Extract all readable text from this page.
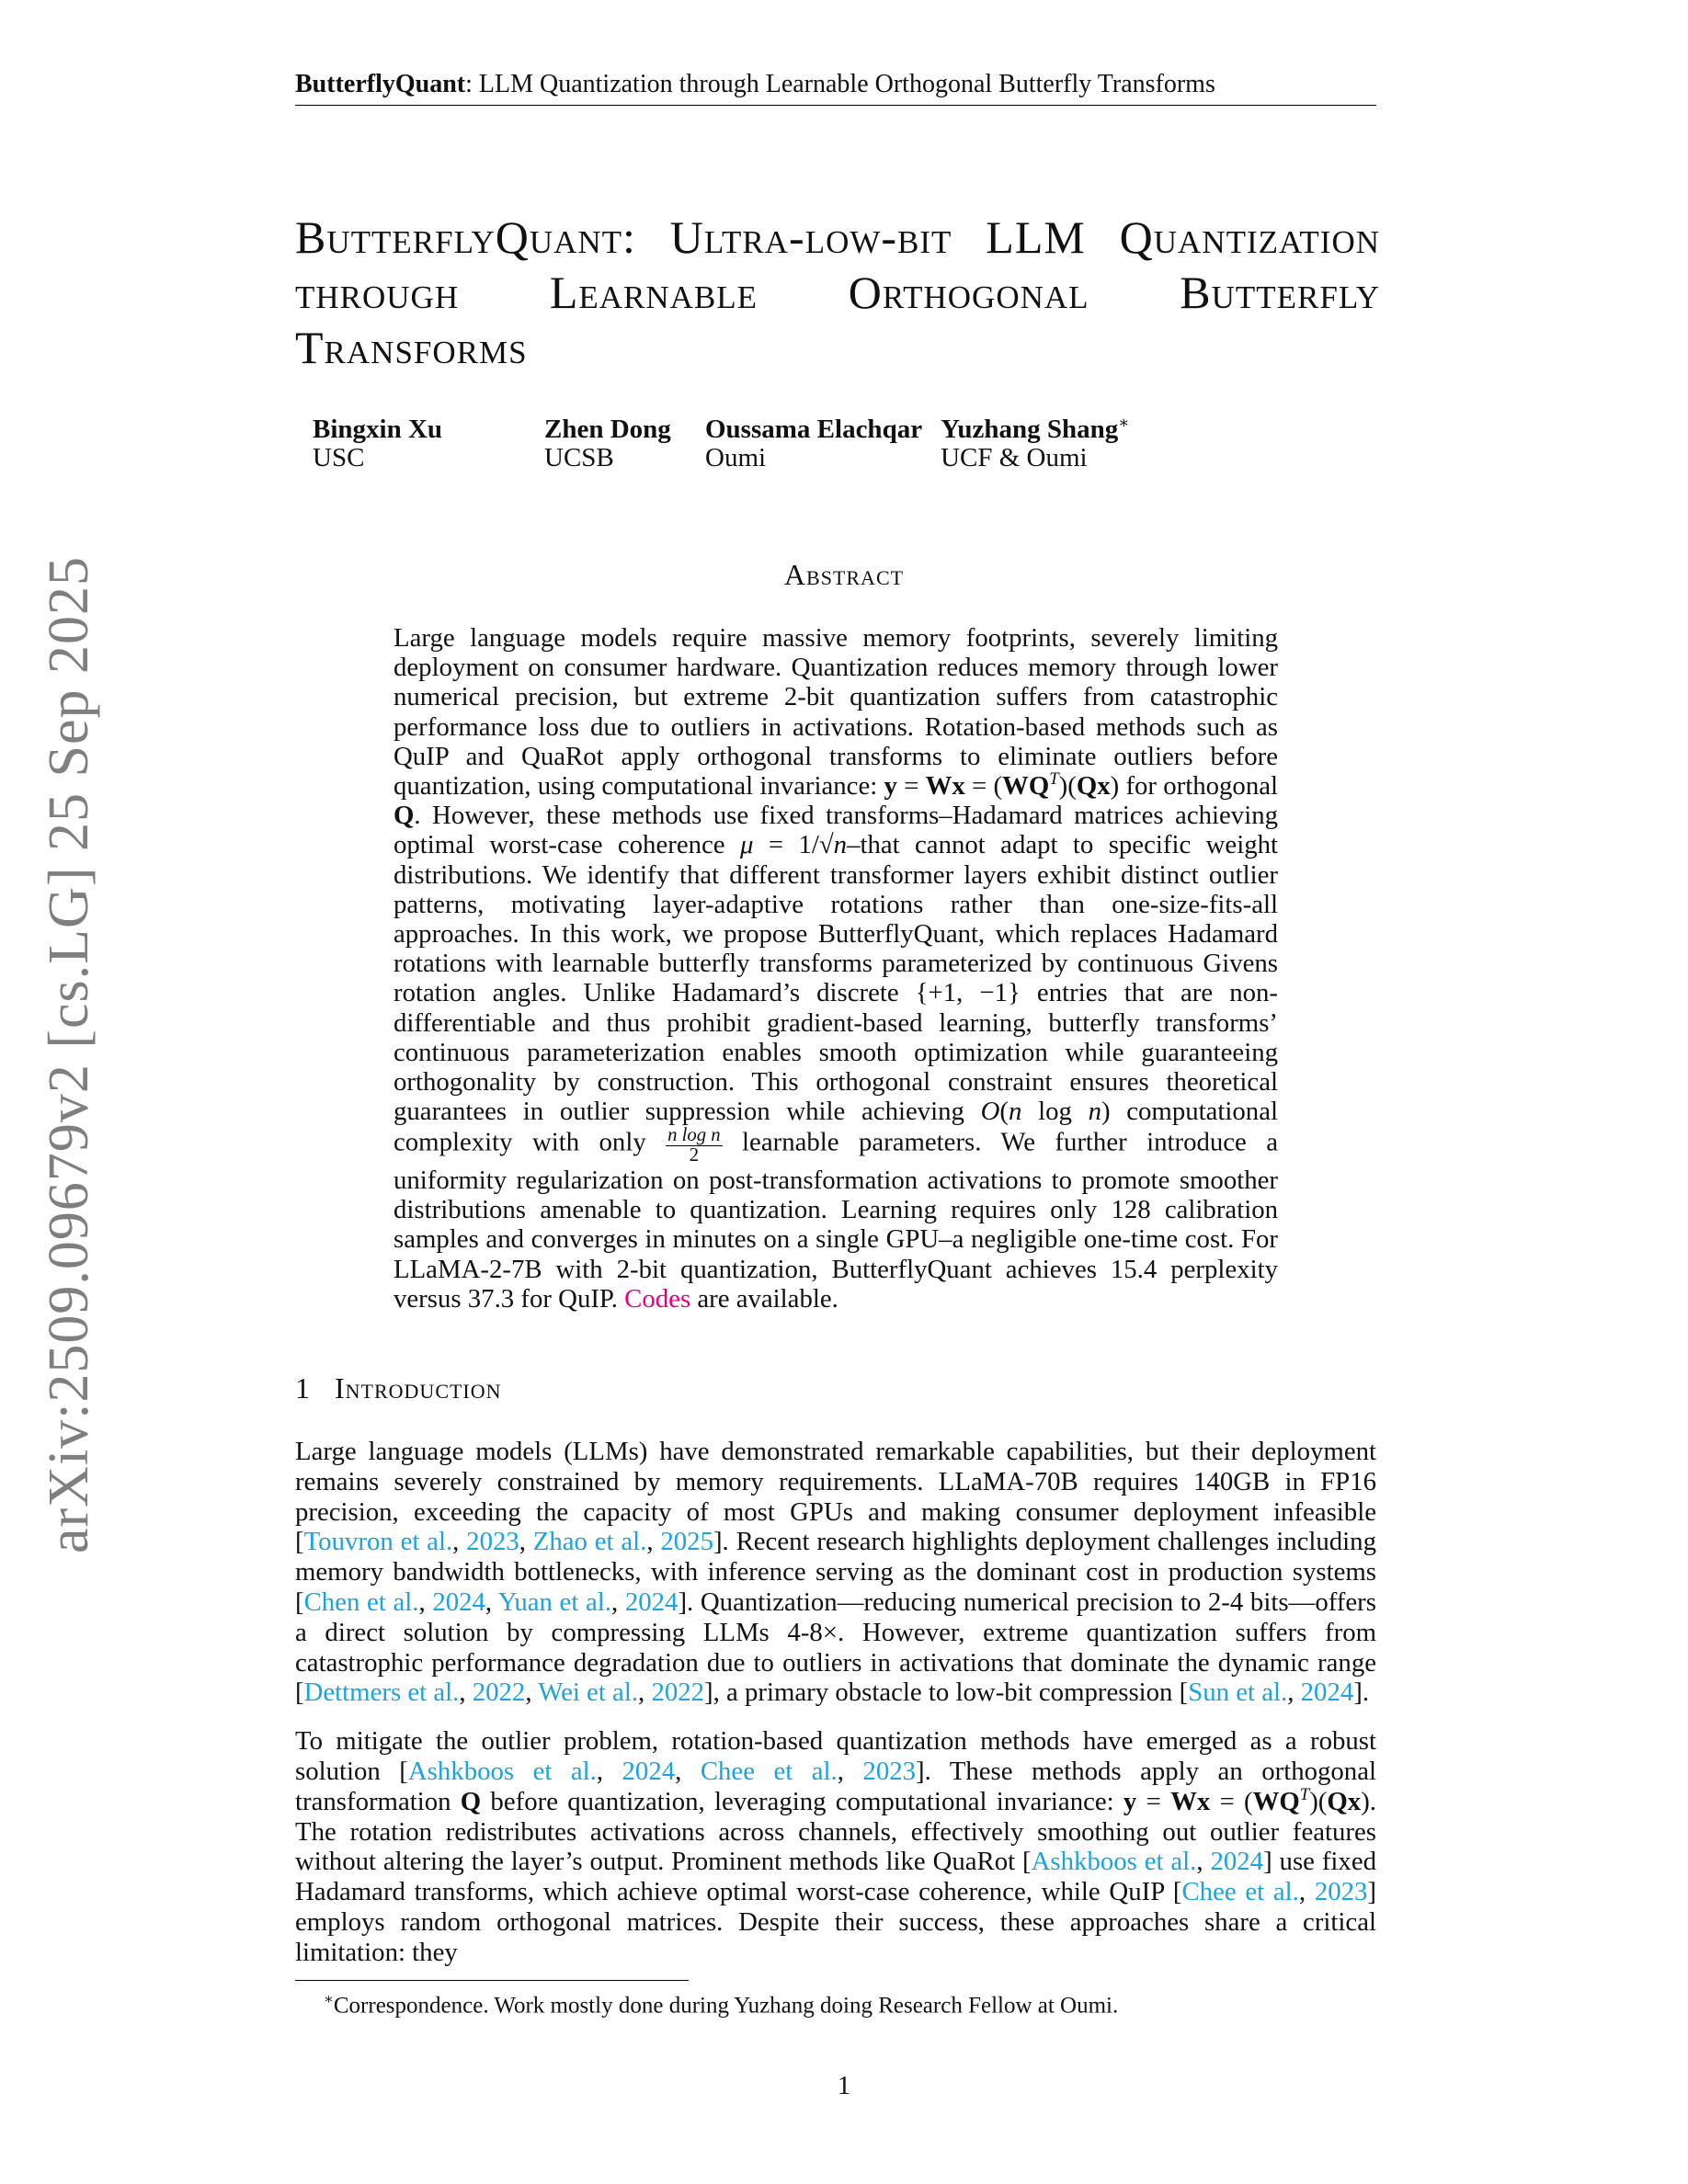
arXiv:2509.09679v2 [cs.LG] 25 Sep 2025
ButterflyQuant: LLM Quantization through Learnable Orthogonal Butterfly Transforms
ButterflyQuant: Ultra-low-bit LLM Quantization through Learnable Orthogonal Butterfly Transforms
Bingxin Xu
USC
Zhen Dong
UCSB
Oussama Elachqar
Oumi
Yuzhang Shang∗
UCF & Oumi
Abstract
Large language models require massive memory footprints, severely limiting deployment on consumer hardware. Quantization reduces memory through lower numerical precision, but extreme 2-bit quantization suffers from catastrophic performance loss due to outliers in activations. Rotation-based methods such as QuIP and QuaRot apply orthogonal transforms to eliminate outliers before quantization, using computational invariance: $y = Wx = (WQ^T)(Qx)$ for orthogonal Q. However, these methods use fixed transforms–Hadamard matrices achieving optimal worst-case coherence μ = 1/√n–that cannot adapt to specific weight distributions. We identify that different transformer layers exhibit distinct outlier patterns, motivating layer-adaptive rotations rather than one-size-fits-all approaches. In this work, we propose ButterflyQuant, which replaces Hadamard rotations with learnable butterfly transforms parameterized by continuous Givens rotation angles. Unlike Hadamard’s discrete {+1, −1} entries that are non-differentiable and thus prohibit gradient-based learning, butterfly transforms’ continuous parameterization enables smooth optimization while guaranteeing orthogonality by construction. This orthogonal constraint ensures theoretical guarantees in outlier suppression while achieving O(n log n) computational complexity with only $\frac{\text{n log n}}{2}$ learnable parameters. We further introduce a uniformity regularization on post-transformation activations to promote smoother distributions amenable to quantization. Learning requires only 128 calibration samples and converges in minutes on a single GPU–a negligible one-time cost. For LLaMA-2-7B with 2-bit quantization, ButterflyQuant achieves 15.4 perplexity versus 37.3 for QuIP. Codes are available.
1 Introduction
Large language models (LLMs) have demonstrated remarkable capabilities, but their deployment remains severely constrained by memory requirements. LLaMA-70B requires 140GB in FP16 precision, exceeding the capacity of most GPUs and making consumer deployment infeasible [Touvron et al., 2023, Zhao et al., 2025]. Recent research highlights deployment challenges including memory bandwidth bottlenecks, with inference serving as the dominant cost in production systems [Chen et al., 2024, Yuan et al., 2024]. Quantization—reducing numerical precision to 2-4 bits—offers a direct solution by compressing LLMs 4-8×. However, extreme quantization suffers from catastrophic performance degradation due to outliers in activations that dominate the dynamic range [Dettmers et al., 2022, Wei et al., 2022], a primary obstacle to low-bit compression [Sun et al., 2024].
To mitigate the outlier problem, rotation-based quantization methods have emerged as a robust solution [Ashkboos et al., 2024, Chee et al., 2023]. These methods apply an orthogonal transformation Q before quantization, leveraging computational invariance: $y = Wx = (WQ^T)(Qx)$. The rotation redistributes activations across channels, effectively smoothing out outlier features without altering the layer’s output. Prominent methods like QuaRot [Ashkboos et al., 2024] use fixed Hadamard transforms, which achieve optimal worst-case coherence, while QuIP [Chee et al., 2023] employs random orthogonal matrices. Despite their success, these approaches share a critical limitation: they
∗Correspondence. Work mostly done during Yuzhang doing Research Fellow at Oumi.
1
